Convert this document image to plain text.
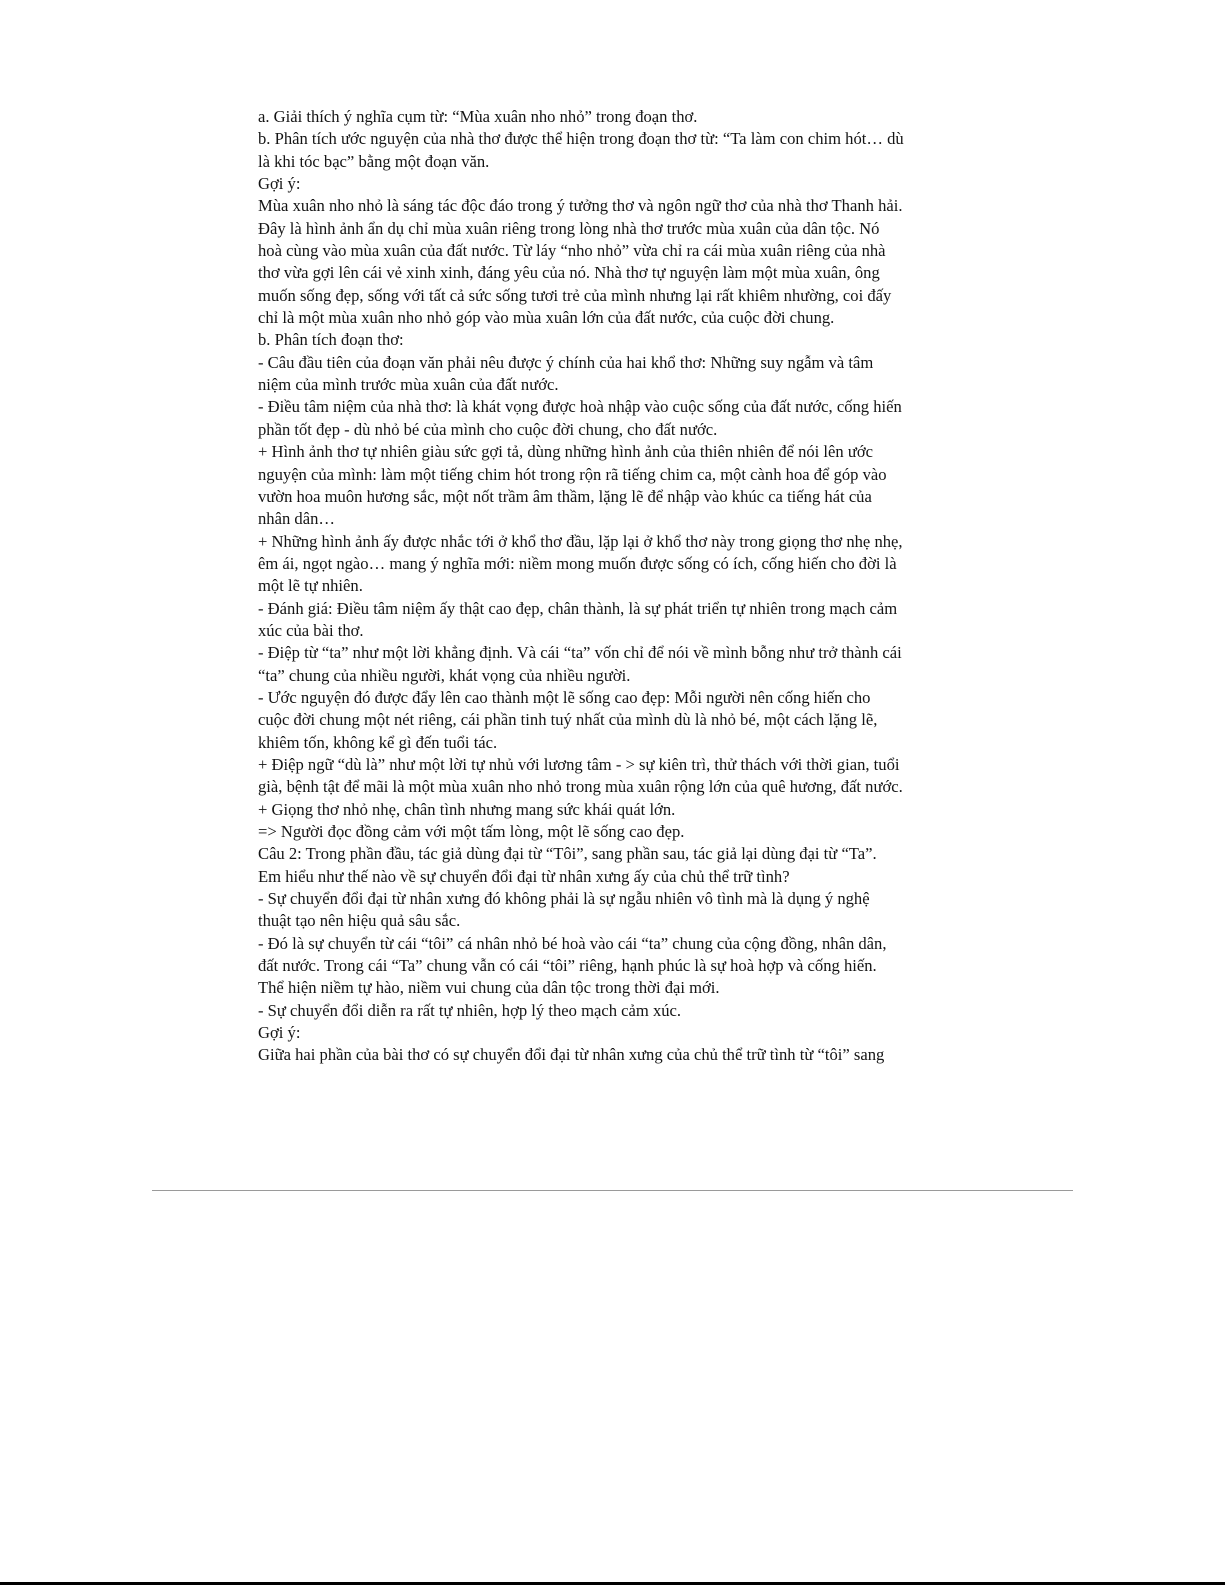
a. Giải thích ý nghĩa cụm từ: “Mùa xuân nho nhỏ” trong đoạn thơ.
b. Phân tích ước nguyện của nhà thơ được thể hiện trong đoạn thơ từ: “Ta làm con chim hót… dù
là khi tóc bạc” bằng một đoạn văn.
Gợi ý:
Mùa xuân nho nhỏ là sáng tác độc đáo trong ý tưởng thơ và ngôn ngữ thơ của nhà thơ Thanh hải.
Đây là hình ảnh ẩn dụ chỉ mùa xuân riêng trong lòng nhà thơ trước mùa xuân của dân tộc. Nó
hoà cùng vào mùa xuân của đất nước. Từ láy “nho nhỏ” vừa chỉ ra cái mùa xuân riêng của nhà
thơ vừa gợi lên cái vẻ xinh xinh, đáng yêu của nó. Nhà thơ tự nguyện làm một mùa xuân, ông
muốn sống đẹp, sống với tất cả sức sống tươi trẻ của mình nhưng lại rất khiêm nhường, coi đấy
chỉ là một mùa xuân nho nhỏ góp vào mùa xuân lớn của đất nước, của cuộc đời chung.
b. Phân tích đoạn thơ:
- Câu đầu tiên của đoạn văn phải nêu được ý chính của hai khổ thơ: Những suy ngẫm và tâm
niệm của mình trước mùa xuân của đất nước.
- Điều tâm niệm của nhà thơ: là khát vọng được hoà nhập vào cuộc sống của đất nước, cống hiến
phần tốt đẹp - dù nhỏ bé của mình cho cuộc đời chung, cho đất nước.
+ Hình ảnh thơ tự nhiên giàu sức gợi tả, dùng những hình ảnh của thiên nhiên để nói lên ước
nguyện của mình: làm một tiếng chim hót trong rộn rã tiếng chim ca, một cành hoa để góp vào
vườn hoa muôn hương sắc, một nốt trầm âm thầm, lặng lẽ để nhập vào khúc ca tiếng hát của
nhân dân…
+ Những hình ảnh ấy được nhắc tới ở khổ thơ đầu, lặp lại ở khổ thơ này trong giọng thơ nhẹ nhẹ,
êm ái, ngọt ngào… mang ý nghĩa mới: niềm mong muốn được sống có ích, cống hiến cho đời là
một lẽ tự nhiên.
- Đánh giá: Điều tâm niệm ấy thật cao đẹp, chân thành, là sự phát triển tự nhiên trong mạch cảm
xúc của bài thơ.
- Điệp từ “ta” như một lời khẳng định. Và cái “ta” vốn chỉ để nói về mình bỗng như trở thành cái
“ta” chung của nhiều người, khát vọng của nhiều người.
- Ước nguyện đó được đẩy lên cao thành một lẽ sống cao đẹp: Mỗi người nên cống hiến cho
cuộc đời chung một nét riêng, cái phần tinh tuý nhất của mình dù là nhỏ bé, một cách lặng lẽ,
khiêm tốn, không kể gì đến tuổi tác.
+ Điệp ngữ “dù là” như một lời tự nhủ với lương tâm - > sự kiên trì, thử thách với thời gian, tuổi
già, bệnh tật để mãi là một mùa xuân nho nhỏ trong mùa xuân rộng lớn của quê hương, đất nước.
+ Giọng thơ nhỏ nhẹ, chân tình nhưng mang sức khái quát lớn.
=> Người đọc đồng cảm với một tấm lòng, một lẽ sống cao đẹp.
Câu 2: Trong phần đầu, tác giả dùng đại từ “Tôi”, sang phần sau, tác giả lại dùng đại từ “Ta”.
Em hiểu như thế nào về sự chuyển đổi đại từ nhân xưng ấy của chủ thể trữ tình?
- Sự chuyển đổi đại từ nhân xưng đó không phải là sự ngẫu nhiên vô tình mà là dụng ý nghệ
thuật tạo nên hiệu quả sâu sắc.
- Đó là sự chuyển từ cái “tôi” cá nhân nhỏ bé hoà vào cái “ta” chung của cộng đồng, nhân dân,
đất nước. Trong cái “Ta” chung vẫn có cái “tôi” riêng, hạnh phúc là sự hoà hợp và cống hiến.
Thể hiện niềm tự hào, niềm vui chung của dân tộc trong thời đại mới.
- Sự chuyển đổi diễn ra rất tự nhiên, hợp lý theo mạch cảm xúc.
Gợi ý:
Giữa hai phần của bài thơ có sự chuyển đổi đại từ nhân xưng của chủ thể trữ tình từ “tôi” sang
